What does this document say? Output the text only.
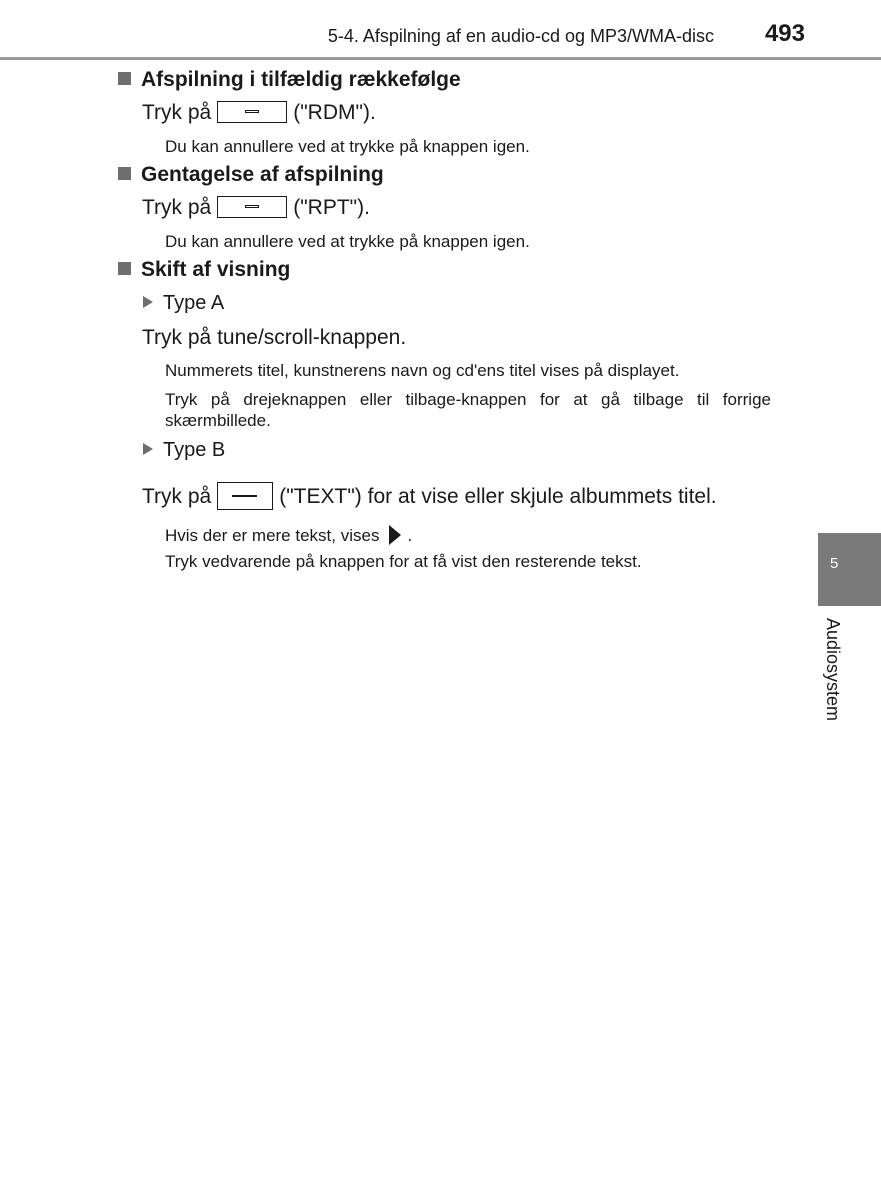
5-4. Afspilning af en audio-cd og MP3/WMA-disc 493
Afspilning i tilfældig rækkefølge
Tryk på	("RDM").
Du kan annullere ved at trykke på knappen igen.
Gentagelse af afspilning
Tryk på	("RPT").
Du kan annullere ved at trykke på knappen igen.
Skift af visning
Type A
Tryk på tune/scroll-knappen.
Nummerets titel, kunstnerens navn og cd'ens titel vises på displayet.
Tryk på drejeknappen eller tilbage-knappen for at gå tilbage til forrige skærmbillede.
Type B
Tryk på	("TEXT") for at vise eller skjule albummets titel.
Hvis der er mere tekst, vises .
Tryk vedvarende på knappen for at få vist den resterende tekst.	5
Audiosystem
